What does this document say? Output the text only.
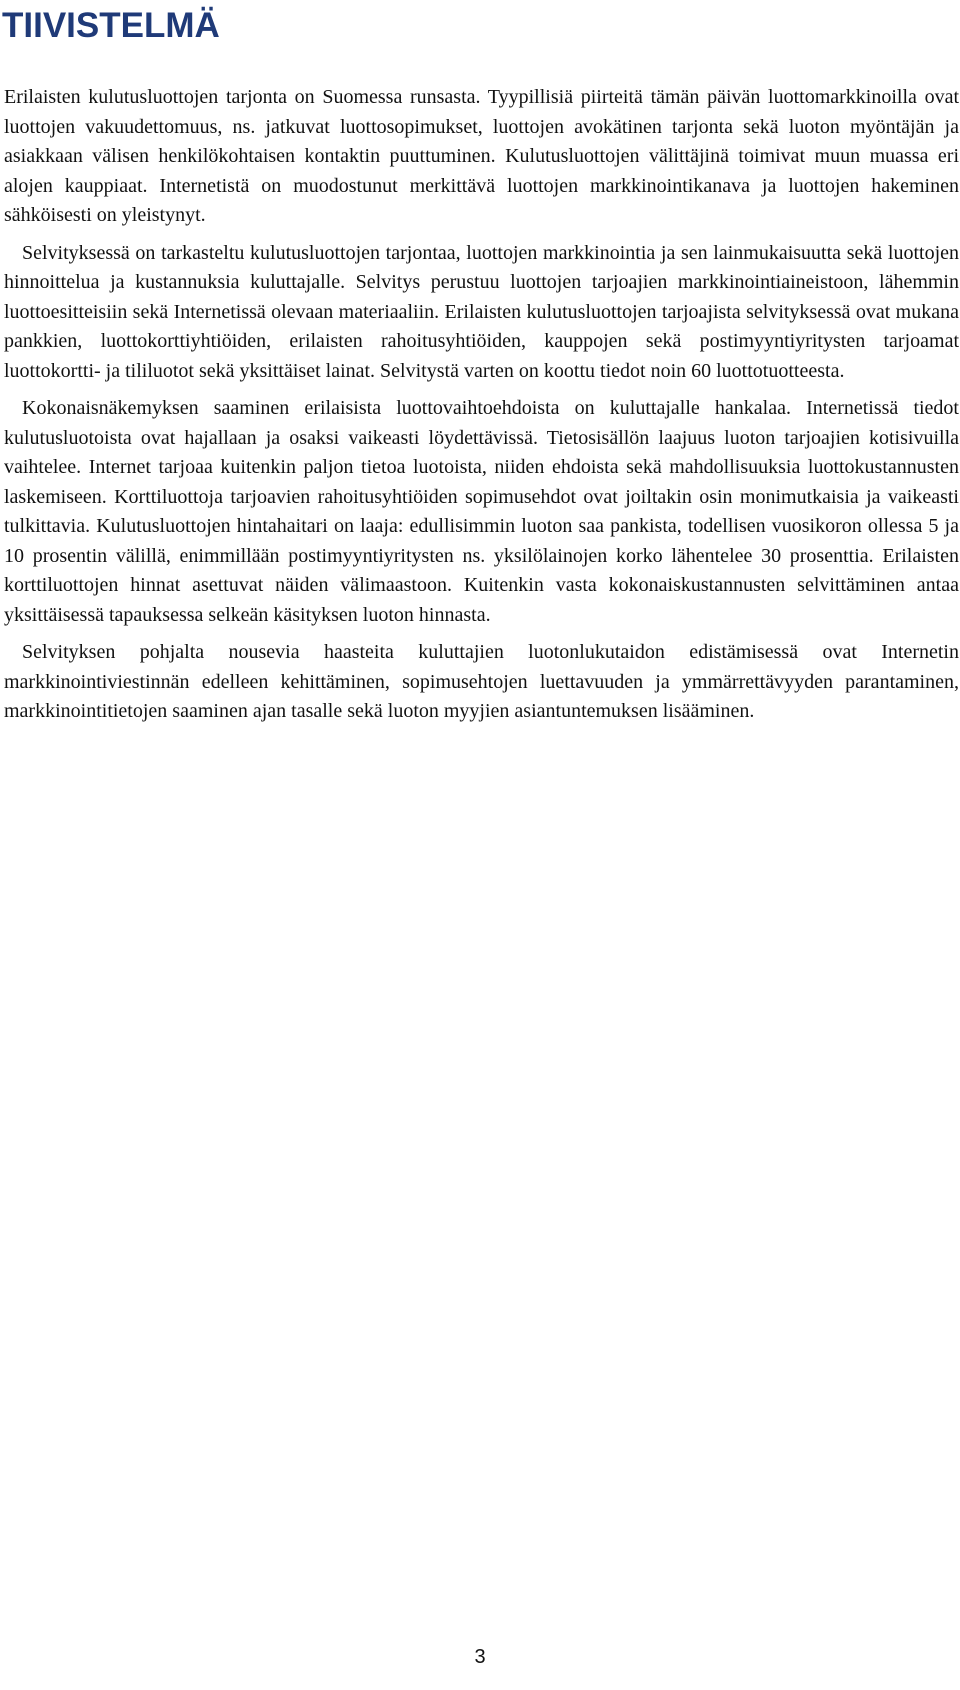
TIIVISTELMÄ

Erilaisten kulutusluottojen tarjonta on Suomessa runsasta. Tyypillisiä piirteitä tämän päivän luottomarkkinoilla ovat luottojen vakuudettomuus, ns. jatkuvat luottosopimukset, luottojen avokätinen tarjonta sekä luoton myöntäjän ja asiakkaan välisen henkilökohtaisen kontaktin puuttuminen. Kulutusluottojen välittäjinä toimivat muun muassa eri alojen kauppiaat. Internetistä on muodostunut merkittävä luottojen markkinointikanava ja luottojen hakeminen sähköisesti on yleistynyt.

Selvityksessä on tarkasteltu kulutusluottojen tarjontaa, luottojen markkinointia ja sen lainmukaisuutta sekä luottojen hinnoittelua ja kustannuksia kuluttajalle. Selvitys perustuu luottojen tarjoajien markkinointiaineistoon, lähemmin luottoesitteisiin sekä Internetissä olevaan materiaaliin. Erilaisten kulutusluottojen tarjoajista selvityksessä ovat mukana pankkien, luottokorttiyhtiöiden, erilaisten rahoitusyhtiöiden, kauppojen sekä postimyyntiyritysten tarjoamat luottokortti- ja tililuotot sekä yksittäiset lainat. Selvitystä varten on koottu tiedot noin 60 luottotuotteesta.

Kokonaisnäkemyksen saaminen erilaisista luottovaihtoehdoista on kuluttajalle hankalaa. Internetissä tiedot kulutusluotoista ovat hajallaan ja osaksi vaikeasti löydettävissä. Tietosisällön laajuus luoton tarjoajien kotisivuilla vaihtelee. Internet tarjoaa kuitenkin paljon tietoa luotoista, niiden ehdoista sekä mahdollisuuksia luottokustannusten laskemiseen. Korttiluottoja tarjoavien rahoitusyhtiöiden sopimusehdot ovat joiltakin osin monimutkaisia ja vaikeasti tulkittavia. Kulutusluottojen hintahaitari on laaja: edullisimmin luoton saa pankista, todellisen vuosikoron ollessa 5 ja 10 prosentin välillä, enimmillään postimyyntiyritysten ns. yksilölainojen korko lähentelee 30 prosenttia. Erilaisten korttiluottojen hinnat asettuvat näiden välimaastoon. Kuitenkin vasta kokonaiskustannusten selvittäminen antaa yksittäisessä tapauksessa selkeän käsityksen luoton hinnasta.

Selvityksen pohjalta nousevia haasteita kuluttajien luotonlukutaidon edistämisessä ovat Internetin markkinointiviestinnän edelleen kehittäminen, sopimusehtojen luettavuuden ja ymmärrettävyyden parantaminen, markkinointitietojen saaminen ajan tasalle sekä luoton myyjien asiantuntemuksen lisääminen.

3
